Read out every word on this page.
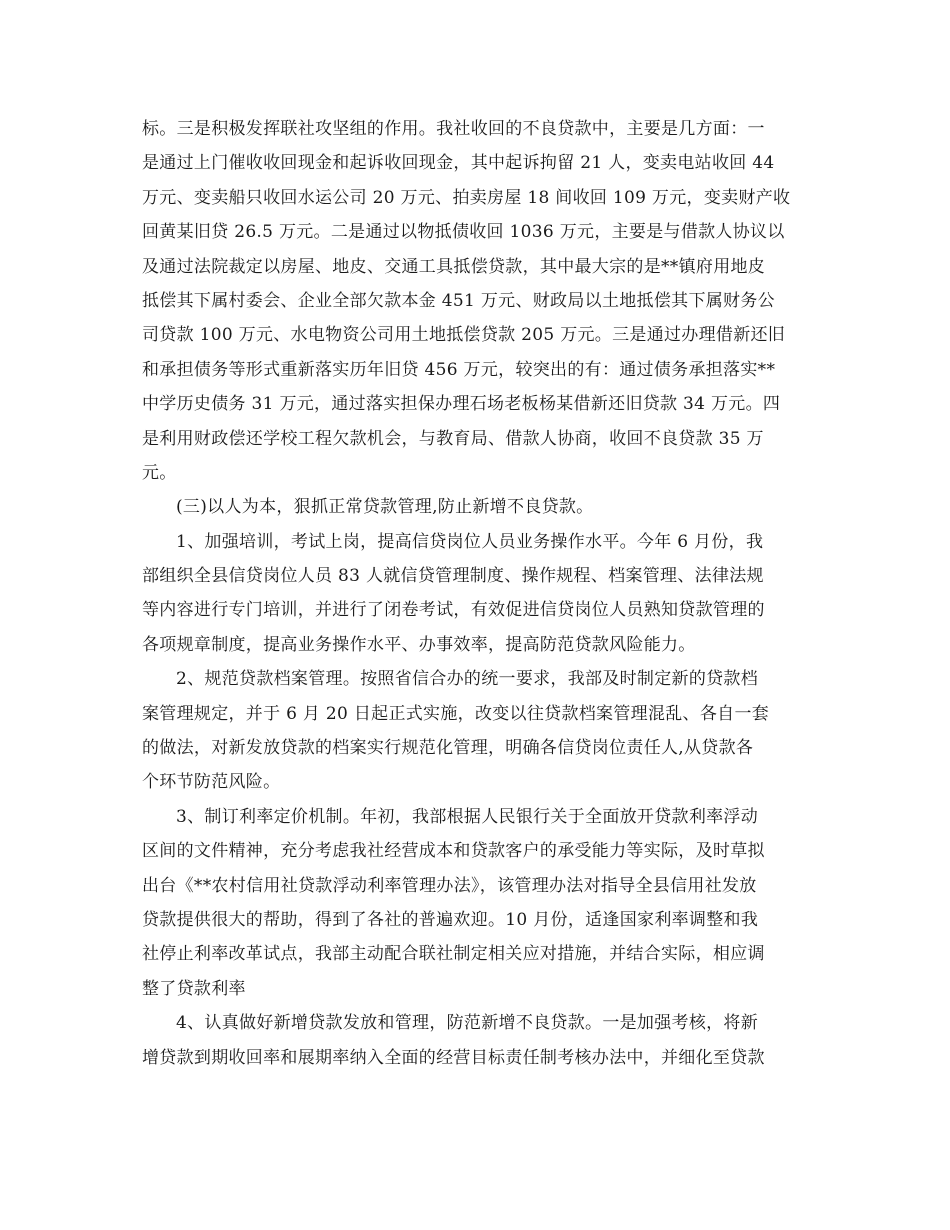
标。三是积极发挥联社攻坚组的作用。我社收回的不良贷款中，主要是几方面：一
是通过上门催收收回现金和起诉收回现金，其中起诉拘留 21 人，变卖电站收回 44
万元、变卖船只收回水运公司 20 万元、拍卖房屋 18 间收回 109 万元，变卖财产收
回黄某旧贷 26.5 万元。二是通过以物抵债收回 1036 万元，主要是与借款人协议以
及通过法院裁定以房屋、地皮、交通工具抵偿贷款，其中最大宗的是**镇府用地皮
抵偿其下属村委会、企业全部欠款本金 451 万元、财政局以土地抵偿其下属财务公
司贷款 100 万元、水电物资公司用土地抵偿贷款 205 万元。三是通过办理借新还旧
和承担债务等形式重新落实历年旧贷 456 万元，较突出的有：通过债务承担落实**
中学历史债务 31 万元，通过落实担保办理石场老板杨某借新还旧贷款 34 万元。四
是利用财政偿还学校工程欠款机会，与教育局、借款人协商，收回不良贷款 35 万
元。
(三)以人为本，狠抓正常贷款管理,防止新增不良贷款。
1、加强培训，考试上岗，提高信贷岗位人员业务操作水平。今年 6 月份，我
部组织全县信贷岗位人员 83 人就信贷管理制度、操作规程、档案管理、法律法规
等内容进行专门培训，并进行了闭卷考试，有效促进信贷岗位人员熟知贷款管理的
各项规章制度，提高业务操作水平、办事效率，提高防范贷款风险能力。
2、规范贷款档案管理。按照省信合办的统一要求，我部及时制定新的贷款档
案管理规定，并于 6 月 20 日起正式实施，改变以往贷款档案管理混乱、各自一套
的做法，对新发放贷款的档案实行规范化管理，明确各信贷岗位责任人,从贷款各
个环节防范风险。
3、制订利率定价机制。年初，我部根据人民银行关于全面放开贷款利率浮动
区间的文件精神，充分考虑我社经营成本和贷款客户的承受能力等实际，及时草拟
出台《**农村信用社贷款浮动利率管理办法》，该管理办法对指导全县信用社发放
贷款提供很大的帮助，得到了各社的普遍欢迎。10 月份，适逢国家利率调整和我
社停止利率改革试点，我部主动配合联社制定相关应对措施，并结合实际，相应调
整了贷款利率
4、认真做好新增贷款发放和管理，防范新增不良贷款。一是加强考核，将新
增贷款到期收回率和展期率纳入全面的经营目标责任制考核办法中，并细化至贷款
